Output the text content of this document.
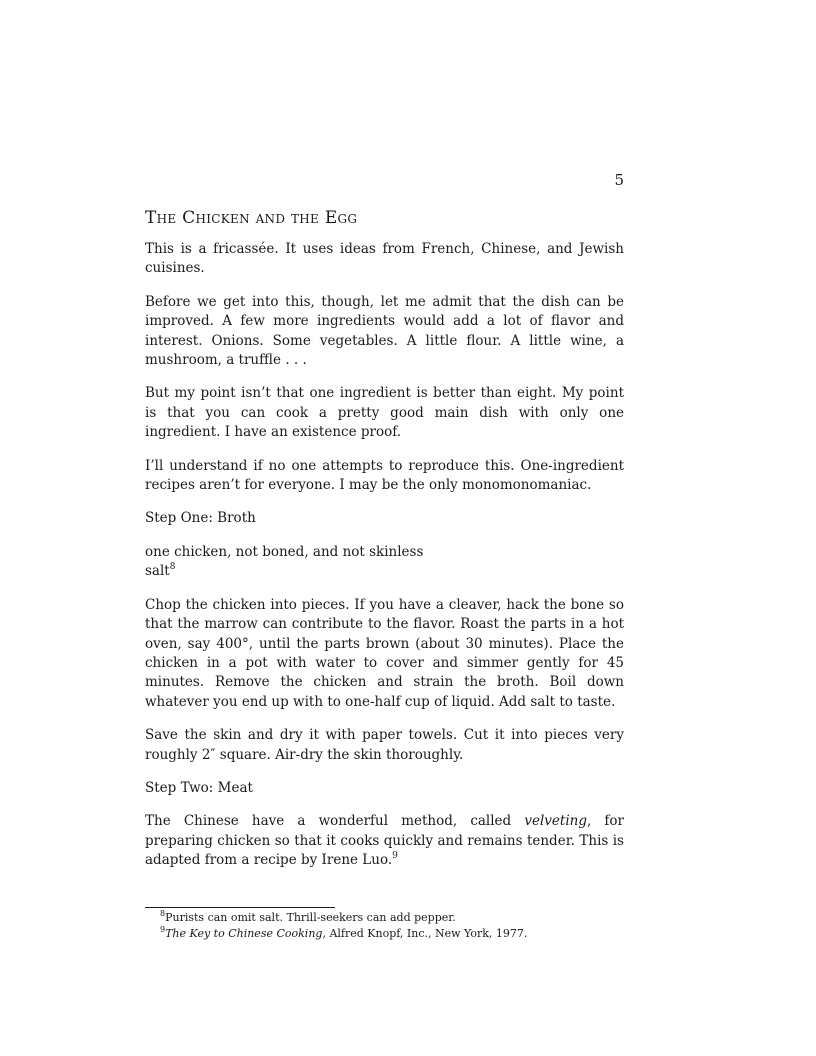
5
The Chicken and the Egg

This is a fricassée. It uses ideas from French, Chinese, and Jewish cuisines.

Before we get into this, though, let me admit that the dish can be improved. A few more ingredients would add a lot of flavor and interest. Onions. Some vegetables. A little flour. A little wine, a mushroom, a truffle . . .

But my point isn’t that one ingredient is better than eight. My point is that you can cook a pretty good main dish with only one ingredient. I have an existence proof.

I’ll understand if no one attempts to reproduce this. One-ingredient recipes aren’t for everyone. I may be the only monomonomaniac.

Step One: Broth
one chicken, not boned, and not skinless
salt$^8$

Chop the chicken into pieces. If you have a cleaver, hack the bone so that the marrow can contribute to the flavor. Roast the parts in a hot oven, say 400°, until the parts brown (about 30 minutes). Place the chicken in a pot with water to cover and simmer gently for 45 minutes. Remove the chicken and strain the broth. Boil down whatever you end up with to one-half cup of liquid. Add salt to taste.

Save the skin and dry it with paper towels. Cut it into pieces very roughly 2″ square. Air-dry the skin thoroughly.

Step Two: Meat

The Chinese have a wonderful method, called velveting, for preparing chicken so that it cooks quickly and remains tender. This is adapted from a recipe by Irene Luo.$^9$

$^8$Purists can omit salt. Thrill-seekers can add pepper.
$^9$The Key to Chinese Cooking, Alfred Knopf, Inc., New York, 1977.
